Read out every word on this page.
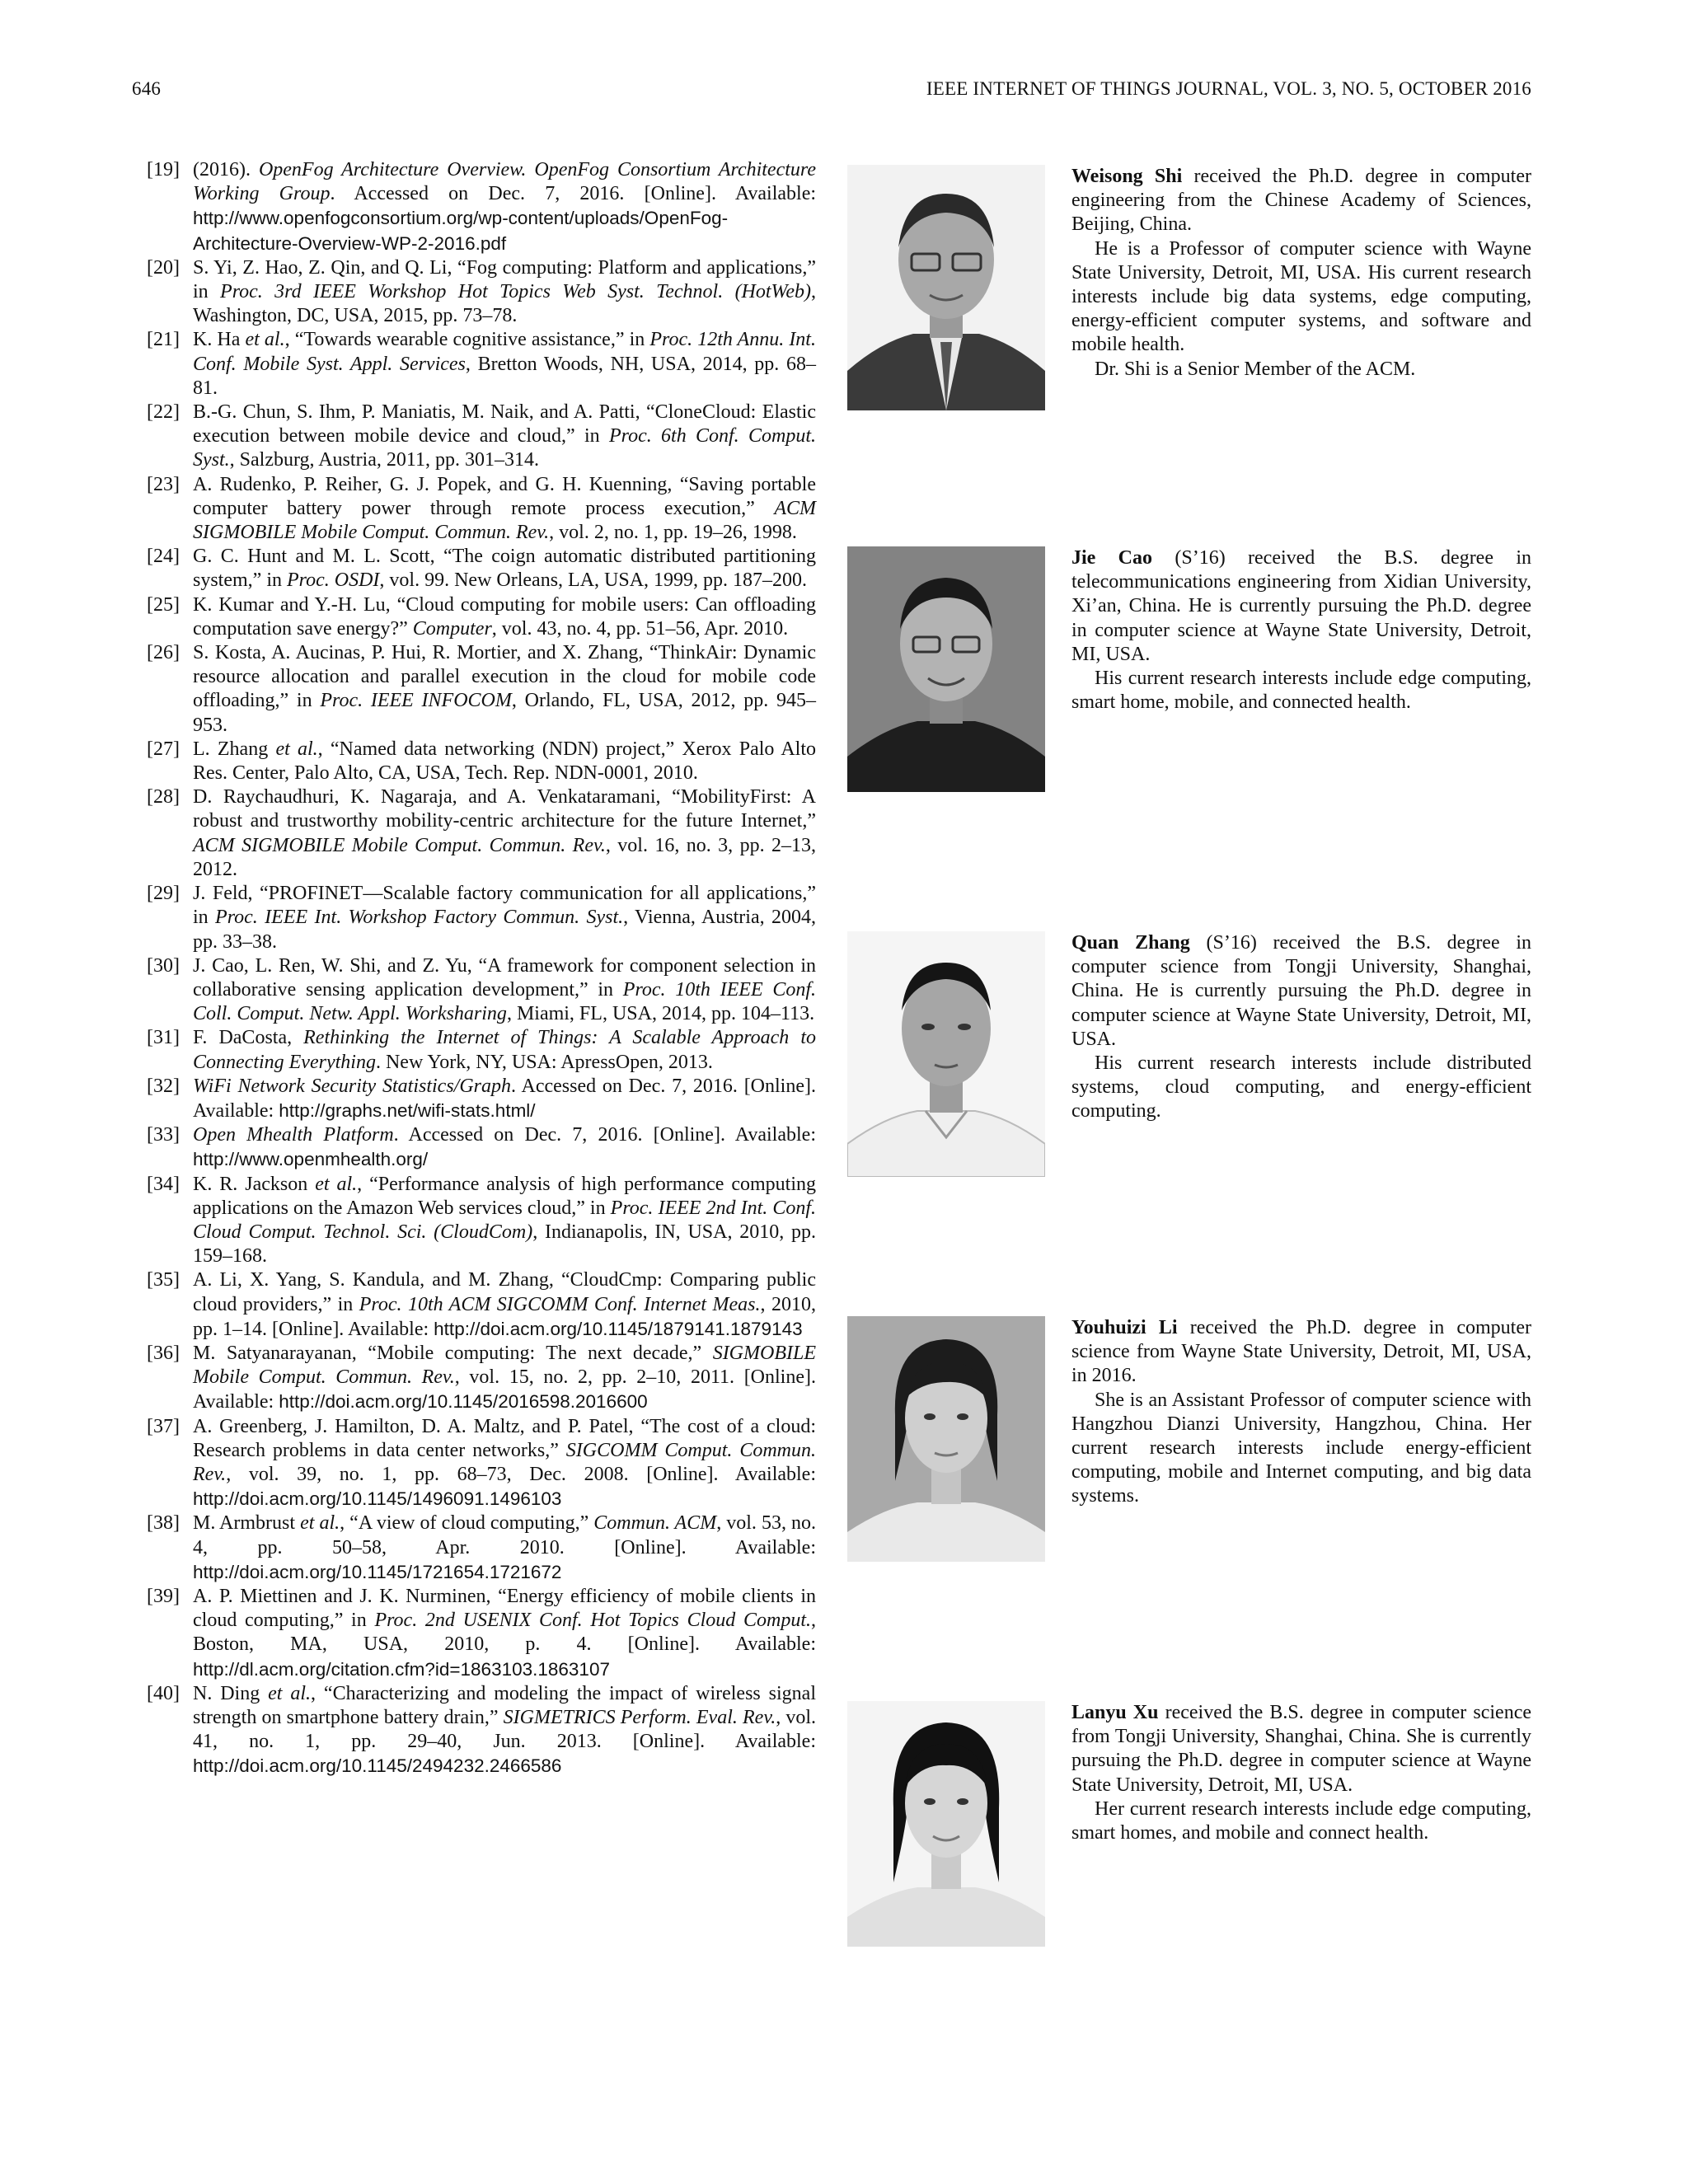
646	IEEE INTERNET OF THINGS JOURNAL, VOL. 3, NO. 5, OCTOBER 2016
[19] (2016). OpenFog Architecture Overview. OpenFog Consortium Architecture Working Group. Accessed on Dec. 7, 2016. [Online]. Available: http://www.openfogconsortium.org/wp-content/uploads/OpenFog-Architecture-Overview-WP-2-2016.pdf
[20] S. Yi, Z. Hao, Z. Qin, and Q. Li, “Fog computing: Platform and applications,” in Proc. 3rd IEEE Workshop Hot Topics Web Syst. Technol. (HotWeb), Washington, DC, USA, 2015, pp. 73–78.
[21] K. Ha et al., “Towards wearable cognitive assistance,” in Proc. 12th Annu. Int. Conf. Mobile Syst. Appl. Services, Bretton Woods, NH, USA, 2014, pp. 68–81.
[22] B.-G. Chun, S. Ihm, P. Maniatis, M. Naik, and A. Patti, “CloneCloud: Elastic execution between mobile device and cloud,” in Proc. 6th Conf. Comput. Syst., Salzburg, Austria, 2011, pp. 301–314.
[23] A. Rudenko, P. Reiher, G. J. Popek, and G. H. Kuenning, “Saving portable computer battery power through remote process execution,” ACM SIGMOBILE Mobile Comput. Commun. Rev., vol. 2, no. 1, pp. 19–26, 1998.
[24] G. C. Hunt and M. L. Scott, “The coign automatic distributed partitioning system,” in Proc. OSDI, vol. 99. New Orleans, LA, USA, 1999, pp. 187–200.
[25] K. Kumar and Y.-H. Lu, “Cloud computing for mobile users: Can offloading computation save energy?” Computer, vol. 43, no. 4, pp. 51–56, Apr. 2010.
[26] S. Kosta, A. Aucinas, P. Hui, R. Mortier, and X. Zhang, “ThinkAir: Dynamic resource allocation and parallel execution in the cloud for mobile code offloading,” in Proc. IEEE INFOCOM, Orlando, FL, USA, 2012, pp. 945–953.
[27] L. Zhang et al., “Named data networking (NDN) project,” Xerox Palo Alto Res. Center, Palo Alto, CA, USA, Tech. Rep. NDN-0001, 2010.
[28] D. Raychaudhuri, K. Nagaraja, and A. Venkataramani, “MobilityFirst: A robust and trustworthy mobility-centric architecture for the future Internet,” ACM SIGMOBILE Mobile Comput. Commun. Rev., vol. 16, no. 3, pp. 2–13, 2012.
[29] J. Feld, “PROFINET—Scalable factory communication for all applications,” in Proc. IEEE Int. Workshop Factory Commun. Syst., Vienna, Austria, 2004, pp. 33–38.
[30] J. Cao, L. Ren, W. Shi, and Z. Yu, “A framework for component selection in collaborative sensing application development,” in Proc. 10th IEEE Conf. Coll. Comput. Netw. Appl. Worksharing, Miami, FL, USA, 2014, pp. 104–113.
[31] F. DaCosta, Rethinking the Internet of Things: A Scalable Approach to Connecting Everything. New York, NY, USA: ApressOpen, 2013.
[32] WiFi Network Security Statistics/Graph. Accessed on Dec. 7, 2016. [Online]. Available: http://graphs.net/wifi-stats.html/
[33] Open Mhealth Platform. Accessed on Dec. 7, 2016. [Online]. Available: http://www.openmhealth.org/
[34] K. R. Jackson et al., “Performance analysis of high performance computing applications on the Amazon Web services cloud,” in Proc. IEEE 2nd Int. Conf. Cloud Comput. Technol. Sci. (CloudCom), Indianapolis, IN, USA, 2010, pp. 159–168.
[35] A. Li, X. Yang, S. Kandula, and M. Zhang, “CloudCmp: Comparing public cloud providers,” in Proc. 10th ACM SIGCOMM Conf. Internet Meas., 2010, pp. 1–14. [Online]. Available: http://doi.acm.org/10.1145/1879141.1879143
[36] M. Satyanarayanan, “Mobile computing: The next decade,” SIGMOBILE Mobile Comput. Commun. Rev., vol. 15, no. 2, pp. 2–10, 2011. [Online]. Available: http://doi.acm.org/10.1145/2016598.2016600
[37] A. Greenberg, J. Hamilton, D. A. Maltz, and P. Patel, “The cost of a cloud: Research problems in data center networks,” SIGCOMM Comput. Commun. Rev., vol. 39, no. 1, pp. 68–73, Dec. 2008. [Online]. Available: http://doi.acm.org/10.1145/1496091.1496103
[38] M. Armbrust et al., “A view of cloud computing,” Commun. ACM, vol. 53, no. 4, pp. 50–58, Apr. 2010. [Online]. Available: http://doi.acm.org/10.1145/1721654.1721672
[39] A. P. Miettinen and J. K. Nurminen, “Energy efficiency of mobile clients in cloud computing,” in Proc. 2nd USENIX Conf. Hot Topics Cloud Comput., Boston, MA, USA, 2010, p. 4. [Online]. Available: http://dl.acm.org/citation.cfm?id=1863103.1863107
[40] N. Ding et al., “Characterizing and modeling the impact of wireless signal strength on smartphone battery drain,” SIGMETRICS Perform. Eval. Rev., vol. 41, no. 1, pp. 29–40, Jun. 2013. [Online]. Available: http://doi.acm.org/10.1145/2494232.2466586

Weisong Shi received the Ph.D. degree in computer engineering from the Chinese Academy of Sciences, Beijing, China.

He is a Professor of computer science with Wayne State University, Detroit, MI, USA. His current research interests include big data systems, edge computing, energy-efficient computer systems, and software and mobile health.

Dr. Shi is a Senior Member of the ACM.

Jie Cao (S’16) received the B.S. degree in telecommunications engineering from Xidian University, Xi’an, China. He is currently pursuing the Ph.D. degree in computer science at Wayne State University, Detroit, MI, USA.

His current research interests include edge computing, smart home, mobile, and connected health.

Quan Zhang (S’16) received the B.S. degree in computer science from Tongji University, Shanghai, China. He is currently pursuing the Ph.D. degree in computer science at Wayne State University, Detroit, MI, USA.

His current research interests include distributed systems, cloud computing, and energy-efficient computing.

Youhuizi Li received the Ph.D. degree in computer science from Wayne State University, Detroit, MI, USA, in 2016.

She is an Assistant Professor of computer science with Hangzhou Dianzi University, Hangzhou, China. Her current research interests include energy-efficient computing, mobile and Internet computing, and big data systems.

Lanyu Xu received the B.S. degree in computer science from Tongji University, Shanghai, China. She is currently pursuing the Ph.D. degree in computer science at Wayne State University, Detroit, MI, USA.

Her current research interests include edge computing, smart homes, and mobile and connect health.
